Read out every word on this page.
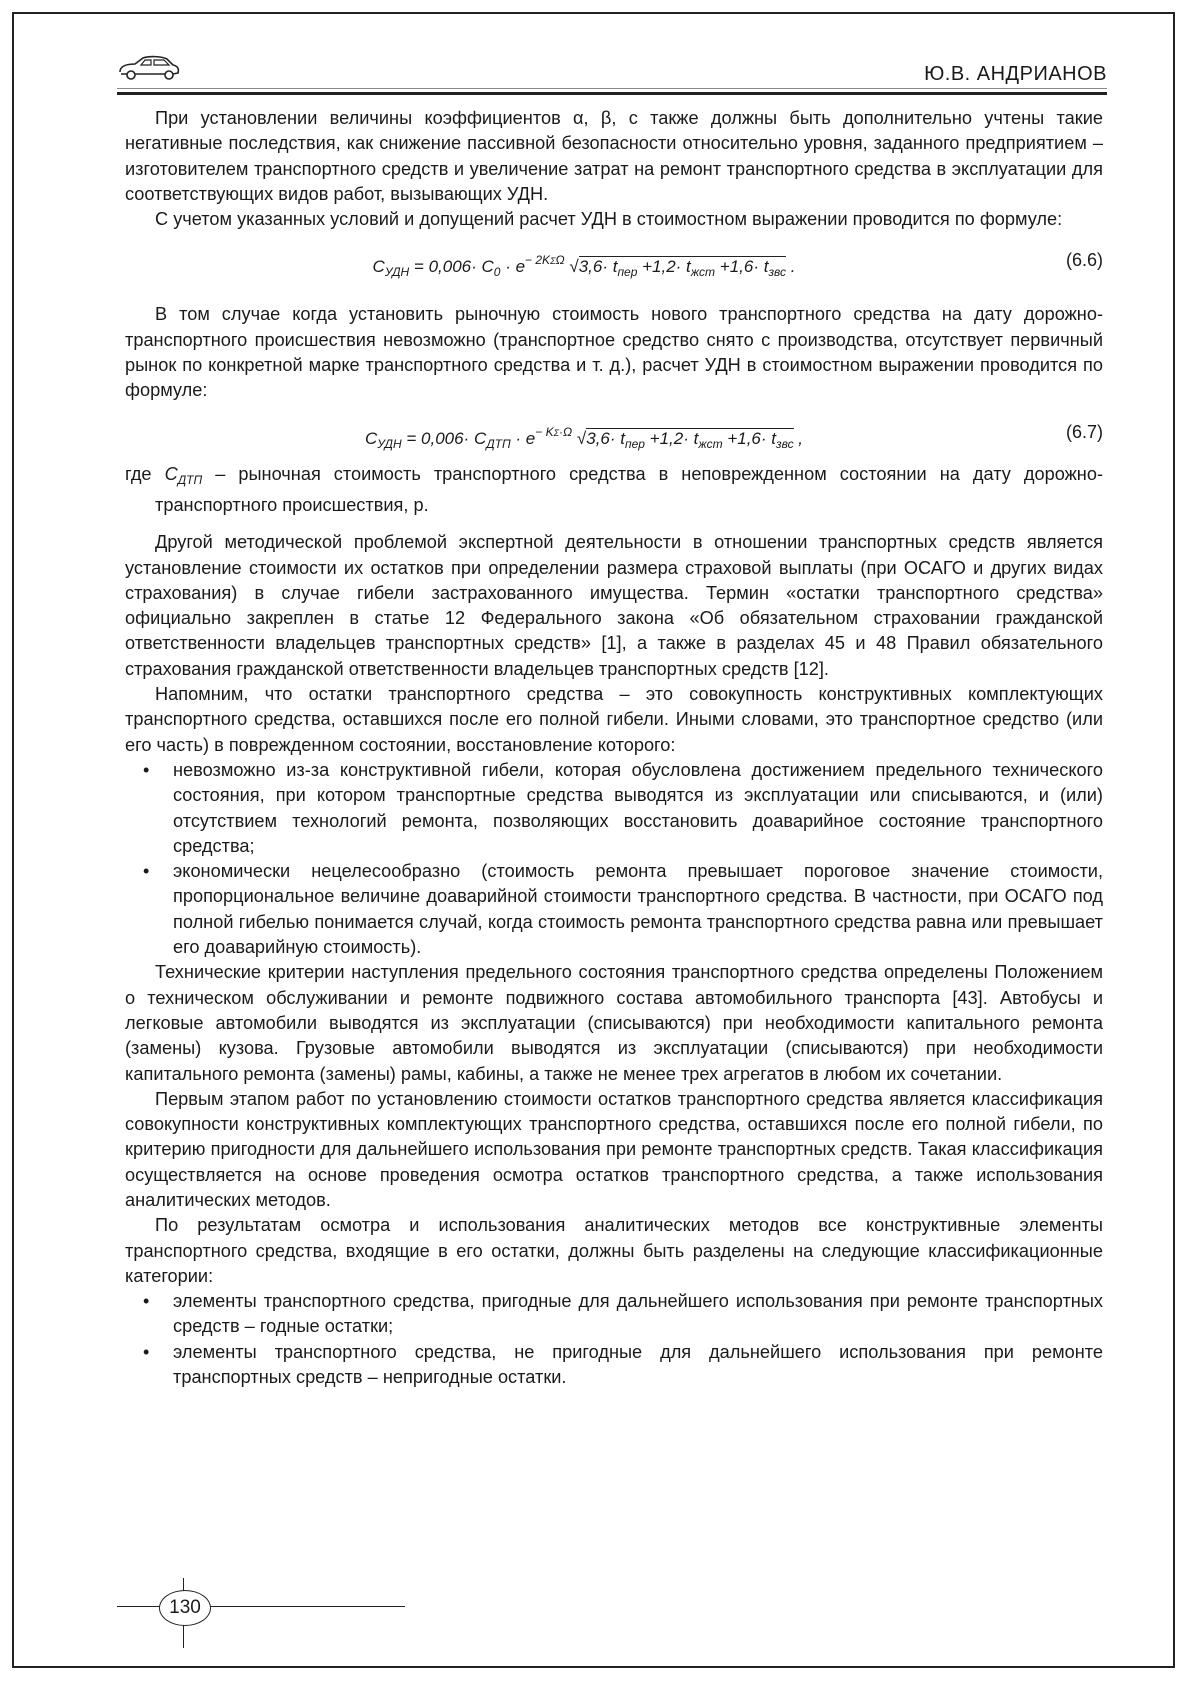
Ю.В. АНДРИАНОВ

При установлении величины коэффициентов α, β, с также должны быть дополнительно учтены такие негативные последствия, как снижение пассивной безопасности относительно уровня, заданного предприятием – изготовителем транспортного средств и увеличение затрат на ремонт транспортного средства в эксплуатации для соответствующих видов работ, вызывающих УДН.

С учетом указанных условий и допущений расчет УДН в стоимостном выражении проводится по формуле:

$C_{УДН} = 0,006\cdot C_0 \cdot e^{- 2K\Sigma\Omega}$ $√3,6\cdot t_{пер} +1,2\cdot t_{жст} +1,6\cdot t_{звс}$ .	(6.6)

В том случае когда установить рыночную стоимость нового транспортного средства на дату дорожно-транспортного происшествия невозможно (транспортное средство снято с производства, отсутствует первичный рынок по конкретной марке транспортного средства и т. д.), расчет УДН в стоимостном выражении проводится по формуле:

$C_{УДН} = 0,006\cdot C_{ДТП} \cdot e^{- K\Sigma\cdot\Omega}$ $√3,6\cdot t_{пер} +1,2\cdot t_{жст} +1,6\cdot t_{звс}$ ,	(6.7)

где $C_{ДТП}$ – рыночная стоимость транспортного средства в неповрежденном состоянии на дату дорожно-транспортного происшествия, р.

Другой методической проблемой экспертной деятельности в отношении транспортных средств является установление стоимости их остатков при определении размера страховой выплаты (при ОСАГО и других видах страхования) в случае гибели застрахованного имущества. Термин «остатки транспортного средства» официально закреплен в статье 12 Федерального закона «Об обязательном страховании гражданской ответственности владельцев транспортных средств» [1], а также в разделах 45 и 48 Правил обязательного страхования гражданской ответственности владельцев транспортных средств [12].

Напомним, что остатки транспортного средства – это совокупность конструктивных комплектующих транспортного средства, оставшихся после его полной гибели. Иными словами, это транспортное средство (или его часть) в поврежденном состоянии, восстановление которого:

• невозможно из-за конструктивной гибели, которая обусловлена достижением предельного технического состояния, при котором транспортные средства выводятся из эксплуатации или списываются, и (или) отсутствием технологий ремонта, позволяющих восстановить доаварийное состояние транспортного средства;
• экономически нецелесообразно (стоимость ремонта превышает пороговое значение стоимости, пропорциональное величине доаварийной стоимости транспортного средства. В частности, при ОСАГО под полной гибелью понимается случай, когда стоимость ремонта транспортного средства равна или превышает его доаварийную стоимость).

Технические критерии наступления предельного состояния транспортного средства определены Положением о техническом обслуживании и ремонте подвижного состава автомобильного транспорта [43]. Автобусы и легковые автомобили выводятся из эксплуатации (списываются) при необходимости капитального ремонта (замены) кузова. Грузовые автомобили выводятся из эксплуатации (списываются) при необходимости капитального ремонта (замены) рамы, кабины, а также не менее трех агрегатов в любом их сочетании.

Первым этапом работ по установлению стоимости остатков транспортного средства является классификация совокупности конструктивных комплектующих транспортного средства, оставшихся после его полной гибели, по критерию пригодности для дальнейшего использования при ремонте транспортных средств. Такая классификация осуществляется на основе проведения осмотра остатков транспортного средства, а также использования аналитических методов.

По результатам осмотра и использования аналитических методов все конструктивные элементы транспортного средства, входящие в его остатки, должны быть разделены на следующие классификационные категории:

• элементы транспортного средства, пригодные для дальнейшего использования при ремонте транспортных средств – годные остатки;
• элементы транспортного средства, не пригодные для дальнейшего использования при ремонте транспортных средств – непригодные остатки.
130
